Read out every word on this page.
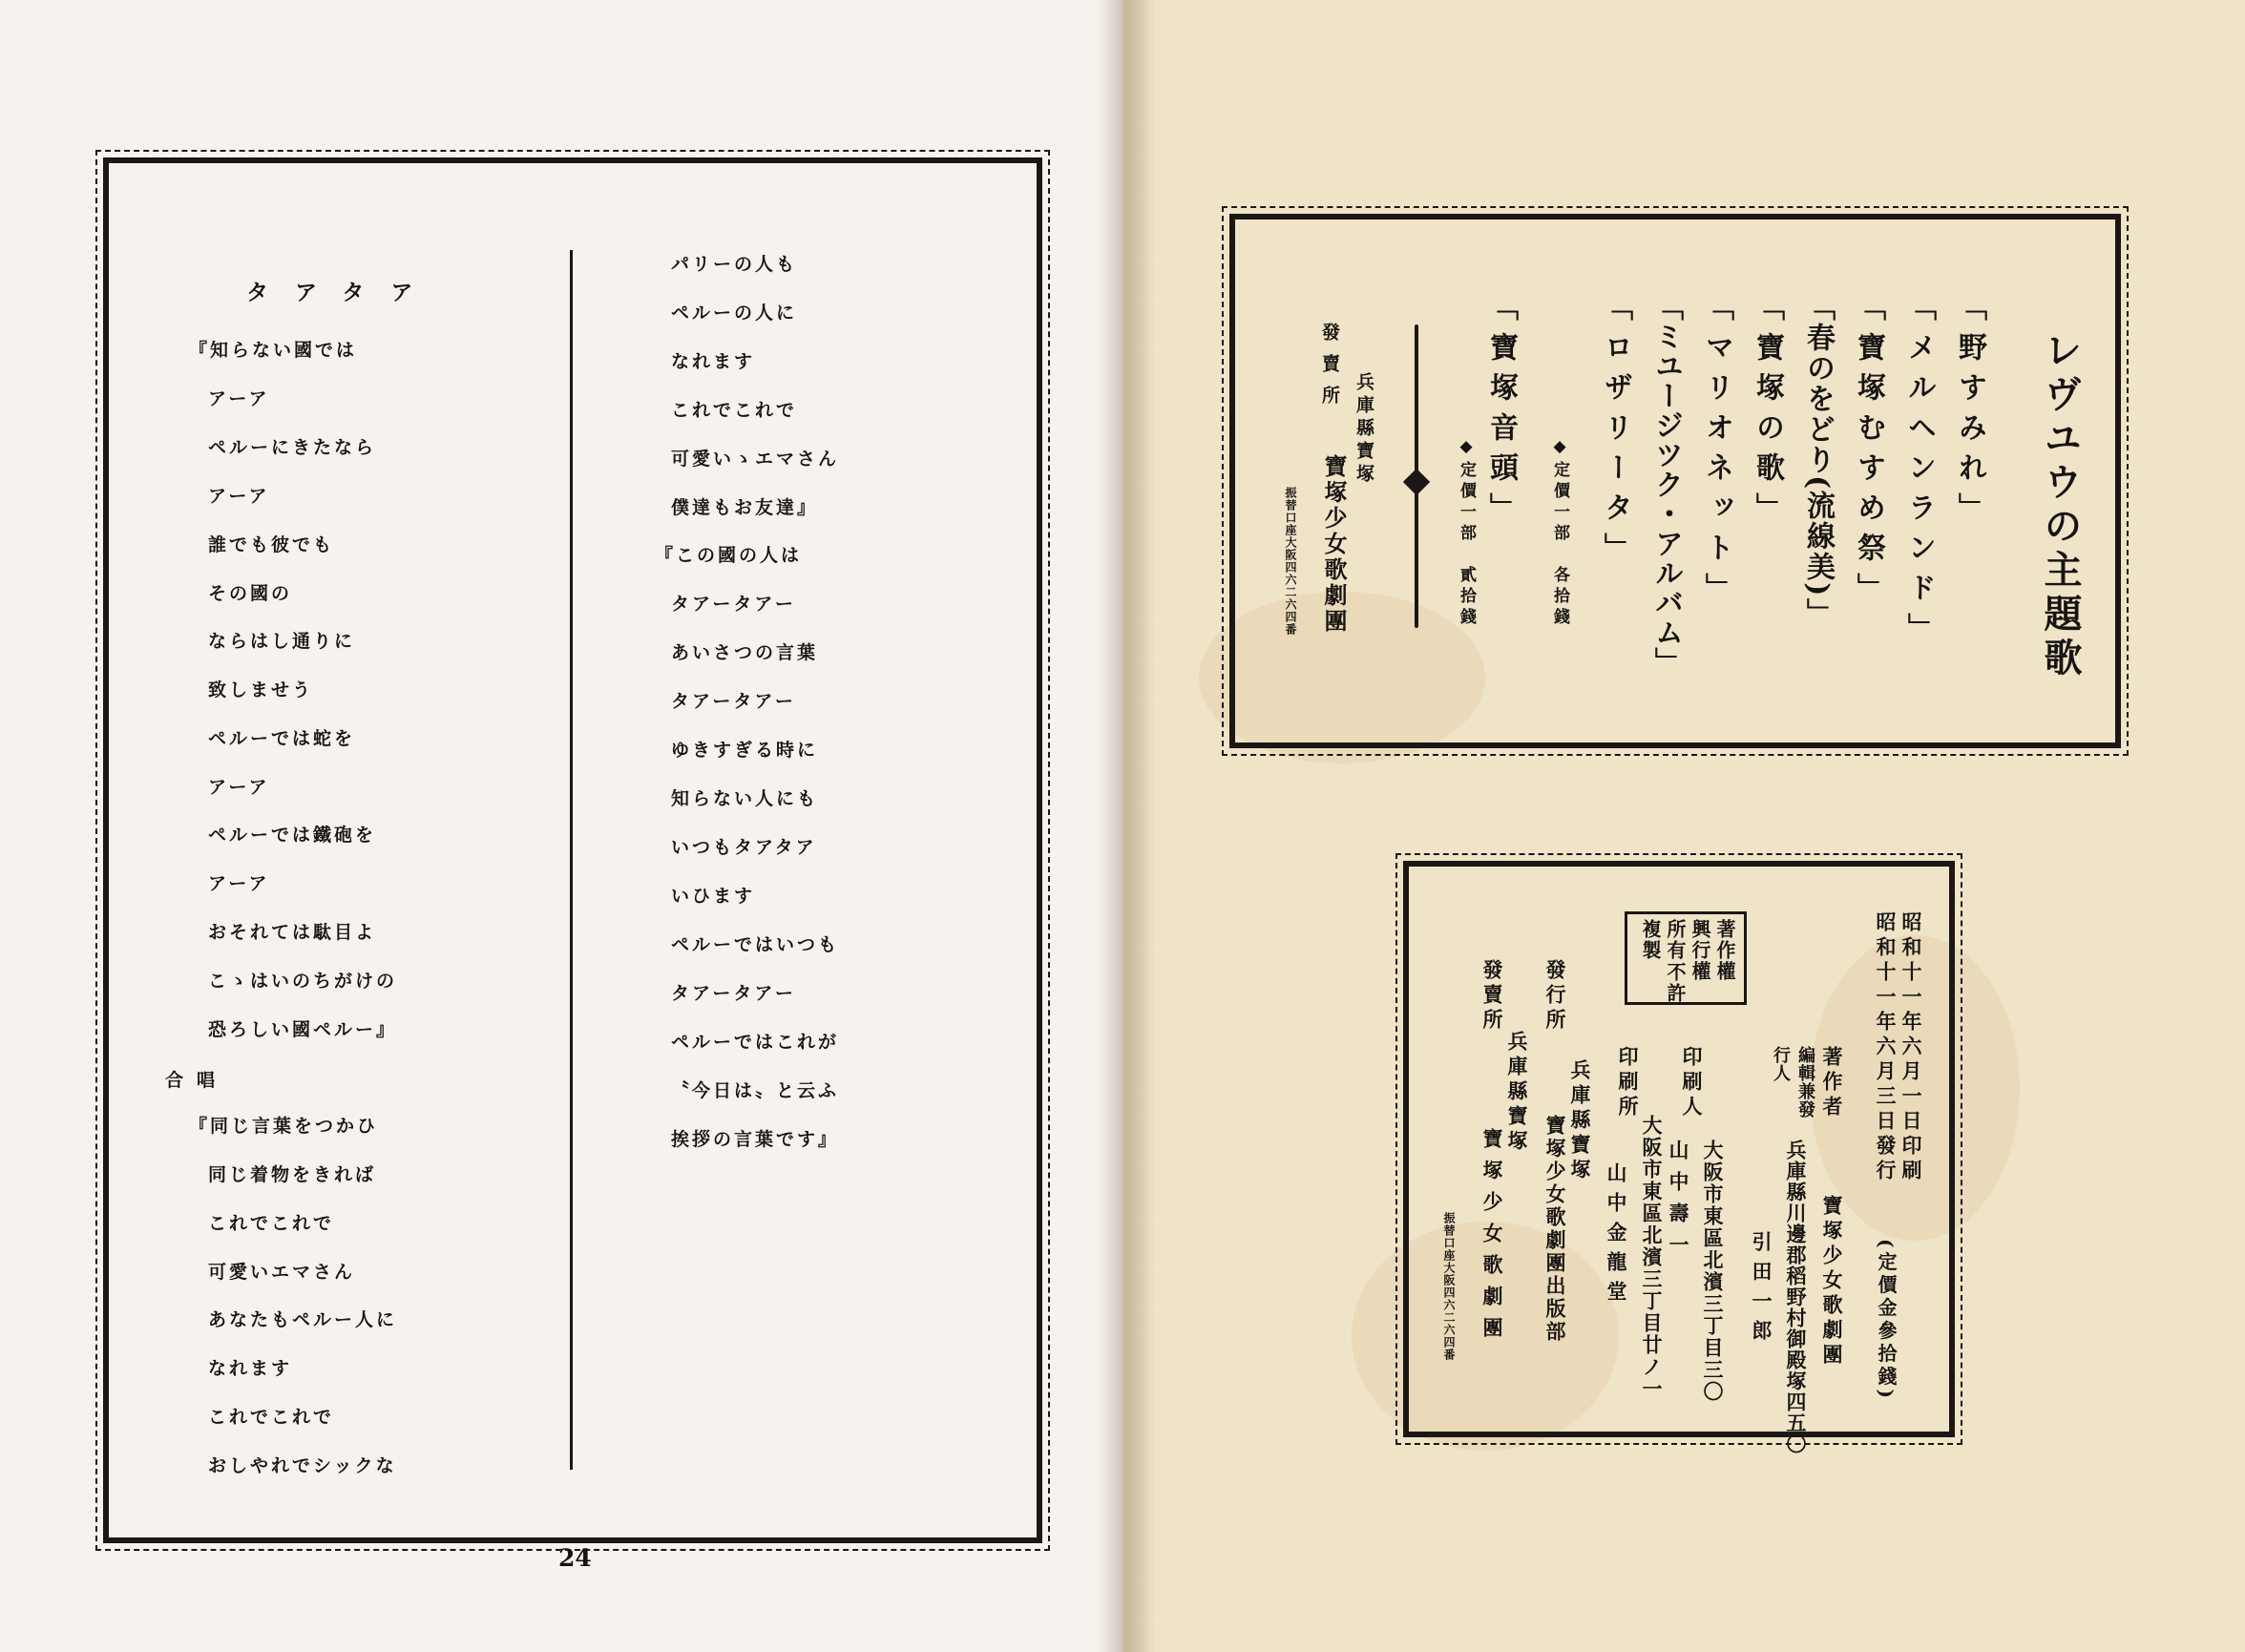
タアタア
『知らない國では
アーア
ペルーにきたなら
アーア
誰でも彼でも
その國の
ならはし通りに
致しませう
ペルーでは蛇を
アーア
ペルーでは鐵砲を
アーア
おそれては駄目よ
こゝはいのちがけの
恐ろしい國ペルー』
合唱
『同じ言葉をつかひ
同じ着物をきれば
これでこれで
可愛いエマさん
あなたもペルー人に
なれます
これでこれで
おしやれでシックな
パリーの人も
ペルーの人に
なれます
これでこれで
可愛いゝエマさん
僕達もお友達』
『この國の人は
タアータアー
あいさつの言葉
タアータアー
ゆきすぎる時に
知らない人にも
いつもタアタア
いひます
ペルーではいつも
タアータアー
ペルーではこれが
〝今日は〟と云ふ
挨拶の言葉です』
24
レヴユウの主題歌
「野すみれ」
「メルヘンランド」
「寶塚むすめ祭」
「春のをどり(流線美)」
「寶塚の歌」
「マリオネット」
「ミユージツク・アルバム」
「ロザリータ」
「寶塚音頭」
◆定價一部　各拾錢
◆定價一部　貳拾錢
兵庫縣寶塚
發賣所
寶塚少女歌劇團
振替口座大阪四六二六四番
昭和十一年六月一日印刷
昭和十一年六月三日發行
(定價金參拾錢)
著作權
興行權
所有
不許
複製
著作者
寶塚少女歌劇團
編輯兼發行人
兵庫縣川邊郡稻野村御殿塚四五〇
引田一郎
印刷人
大阪市東區北濱三丁目三〇
山中壽一
印刷所
大阪市東區北濱三丁目廿ノ一
山中金龍堂
發行所
兵庫縣寶塚
寶塚少女歌劇團出版部
發賣所
兵庫縣寶塚
寶塚少女歌劇團
振替口座大阪四六二六四番
